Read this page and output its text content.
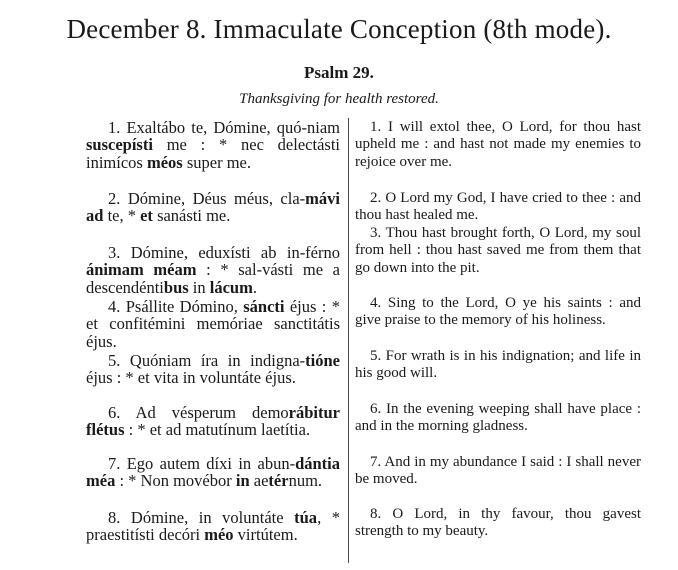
December 8. Immaculate Conception (8th mode).
Psalm 29.
Thanksgiving for health restored.
1. Exaltábo te, Dómine, quó-niam suscepísti me : * nec delectásti inimícos méos super me.
2. Dómine, Déus méus, cla-mávi ad te, * et sanásti me.
3. Dómine, eduxísti ab in-férno ánimam méam : * sal-vásti me a descendéntibus in lácum.
4. Psállite Dómino, sáncti éjus : * et confitémini memóriae sanctitátis éjus.
5. Quóniam íra in indigna-tióne éjus : * et vita in voluntáte éjus.
6. Ad vésperum demorábitur flétus : * et ad matutínum laetítia.
7. Ego autem díxi in abun-dántia méa : * Non movébor in aetérnum.
8. Dómine, in voluntáte túa, * praestitísti decóri méo virtútem.
1. I will extol thee, O Lord, for thou hast upheld me : and hast not made my enemies to rejoice over me.
2. O Lord my God, I have cried to thee : and thou hast healed me.
3. Thou hast brought forth, O Lord, my soul from hell : thou hast saved me from them that go down into the pit.
4. Sing to the Lord, O ye his saints : and give praise to the memory of his holiness.
5. For wrath is in his indignation; and life in his good will.
6. In the evening weeping shall have place : and in the morning gladness.
7. And in my abundance I said : I shall never be moved.
8. O Lord, in thy favour, thou gavest strength to my beauty.
